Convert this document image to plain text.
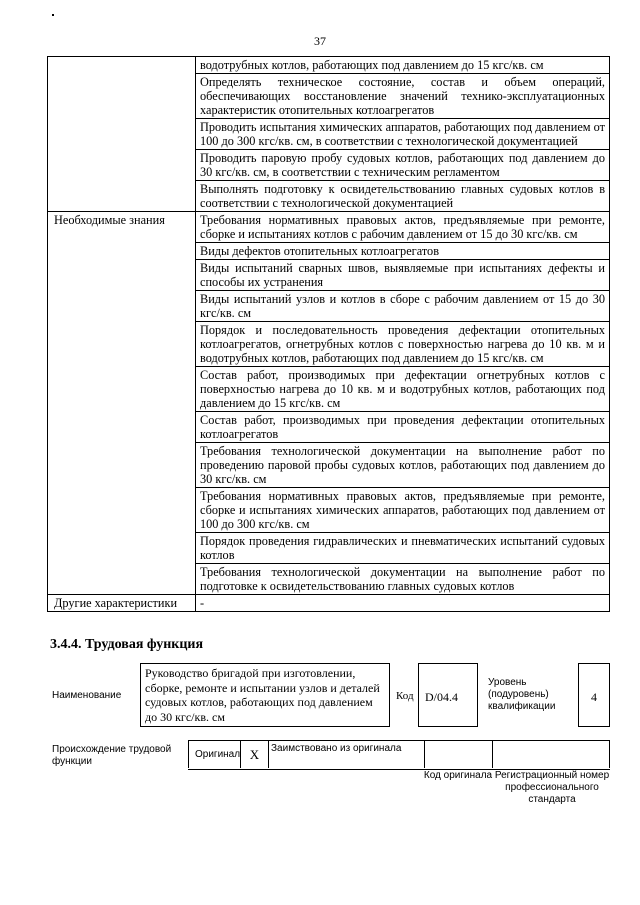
37
	водотрубных котлов, работающих под давлением до 15 кгс/кв. см
	Определять техническое состояние, состав и объем операций, обеспечивающих восстановление значений технико-эксплуатационных характеристик отопительных котлоагрегатов
	Проводить испытания химических аппаратов, работающих под давлением от 100 до 300 кгс/кв. см, в соответствии с технологической документацией
	Проводить паровую пробу судовых котлов, работающих под давлением до 30 кгс/кв. см, в соответствии с техническим регламентом
	Выполнять подготовку к освидетельствованию главных судовых котлов в соответствии с технологической документацией
Необходимые знания	Требования нормативных правовых актов, предъявляемые при ремонте, сборке и испытаниях котлов с рабочим давлением от 15 до 30 кгс/кв. см
	Виды дефектов отопительных котлоагрегатов
	Виды испытаний сварных швов, выявляемые при испытаниях дефекты и способы их устранения
	Виды испытаний узлов и котлов в сборе с рабочим давлением от 15 до 30 кгс/кв. см
	Порядок и последовательность проведения дефектации отопительных котлоагрегатов, огнетрубных котлов с поверхностью нагрева до 10 кв. м и водотрубных котлов, работающих под давлением до 15 кгс/кв. см
	Состав работ, производимых при дефектации огнетрубных котлов с поверхностью нагрева до 10 кв. м и водотрубных котлов, работающих под давлением до 15 кгс/кв. см
	Состав работ, производимых при проведения дефектации отопительных котлоагрегатов
	Требования технологической документации на выполнение работ по проведению паровой пробы судовых котлов, работающих под давлением до 30 кгс/кв. см
	Требования нормативных правовых актов, предъявляемые при ремонте, сборке и испытаниях химических аппаратов, работающих под давлением от 100 до 300 кгс/кв. см
	Порядок проведения гидравлических и пневматических испытаний судовых котлов
	Требования технологической документации на выполнение работ по подготовке к освидетельствованию главных судовых котлов
Другие характеристики	-
3.4.4. Трудовая функция
Наименование
Руководство бригадой при изготовлении, сборке, ремонте и испытании узлов и деталей судовых котлов, работающих под давлением до 30 кгс/кв. см
Код D/04.4
Уровень (подуровень) квалификации
4
Происхождение трудовой функции
Оригинал X	Заимствовано из оригинала
Код оригинала Регистрационный номер профессионального стандарта
